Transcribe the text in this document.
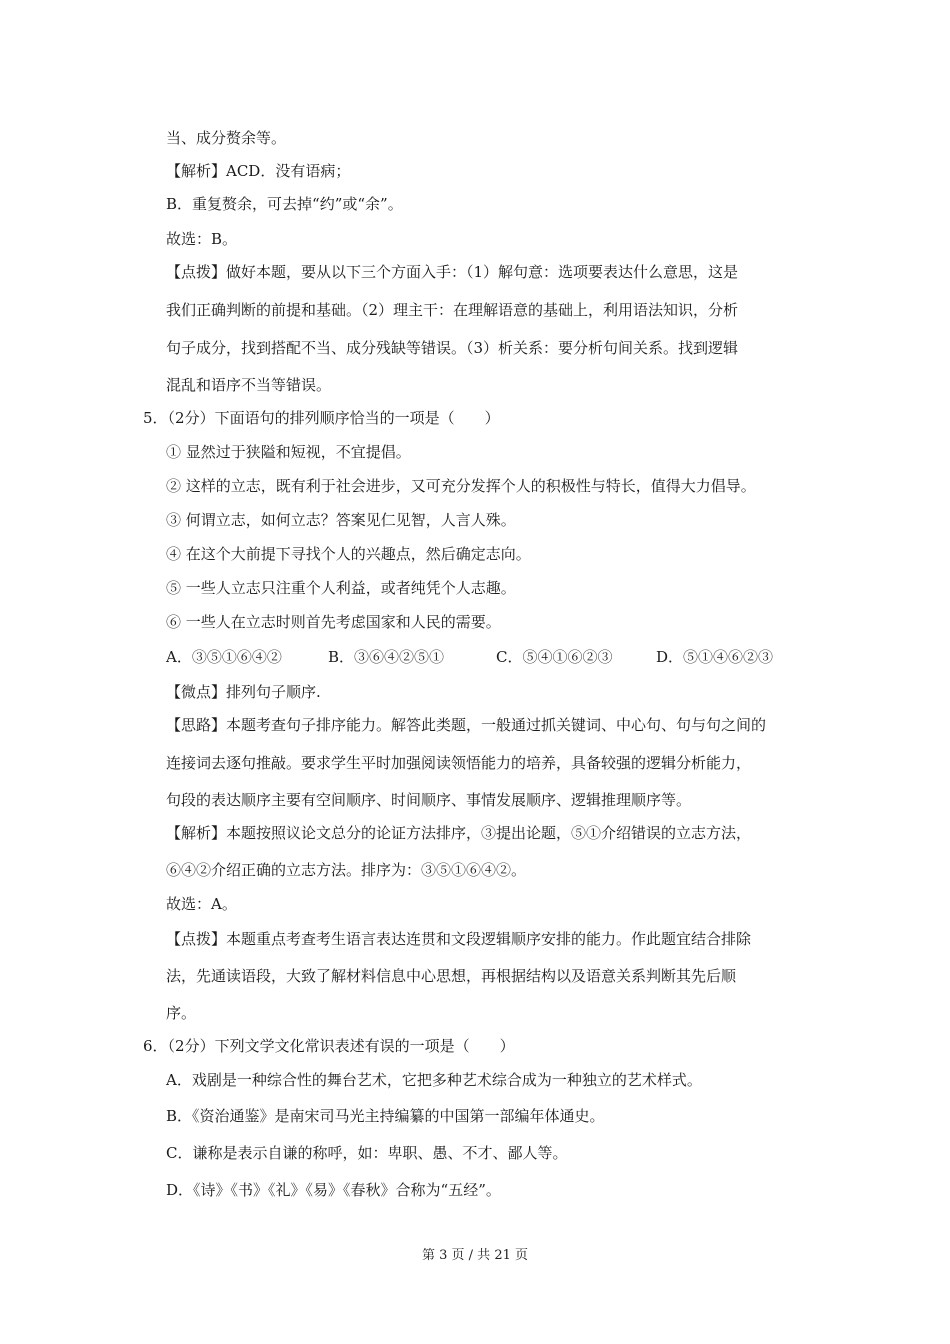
当、成分赘余等。
【解析】ACD．没有语病；
B．重复赘余，可去掉“约”或“余”。
故选：B。
【点拨】做好本题，要从以下三个方面入手：（1）解句意：选项要表达什么意思，这是
我们正确判断的前提和基础。（2）理主干：在理解语意的基础上，利用语法知识，分析
句子成分，找到搭配不当、成分残缺等错误。（3）析关系：要分析句间关系。找到逻辑
混乱和语序不当等错误。
5．（2分）下面语句的排列顺序恰当的一项是（　　）
① 显然过于狭隘和短视，不宜提倡。
② 这样的立志，既有利于社会进步，又可充分发挥个人的积极性与特长，值得大力倡导。
③ 何谓立志，如何立志？答案见仁见智，人言人殊。
④ 在这个大前提下寻找个人的兴趣点，然后确定志向。
⑤ 一些人立志只注重个人利益，或者纯凭个人志趣。
⑥ 一些人在立志时则首先考虑国家和人民的需要。
A．③⑤①⑥④②	B．③⑥④②⑤①	C．⑤④①⑥②③	D．⑤①④⑥②③
【微点】排列句子顺序.
【思路】本题考查句子排序能力。解答此类题，一般通过抓关键词、中心句、句与句之间的
连接词去逐句推敲。要求学生平时加强阅读领悟能力的培养，具备较强的逻辑分析能力，
句段的表达顺序主要有空间顺序、时间顺序、事情发展顺序、逻辑推理顺序等。
【解析】本题按照议论文总分的论证方法排序，③提出论题，⑤①介绍错误的立志方法，
⑥④②介绍正确的立志方法。排序为：③⑤①⑥④②。
故选：A。
【点拨】本题重点考查考生语言表达连贯和文段逻辑顺序安排的能力。作此题宜结合排除
法，先通读语段，大致了解材料信息中心思想，再根据结构以及语意关系判断其先后顺
序。
6．（2分）下列文学文化常识表述有误的一项是（　　）
A．戏剧是一种综合性的舞台艺术，它把多种艺术综合成为一种独立的艺术样式。
B．《资治通鉴》是南宋司马光主持编纂的中国第一部编年体通史。
C．谦称是表示自谦的称呼，如：卑职、愚、不才、鄙人等。
D．《诗》《书》《礼》《易》《春秋》合称为“五经”。
第 3 页 / 共 21 页
